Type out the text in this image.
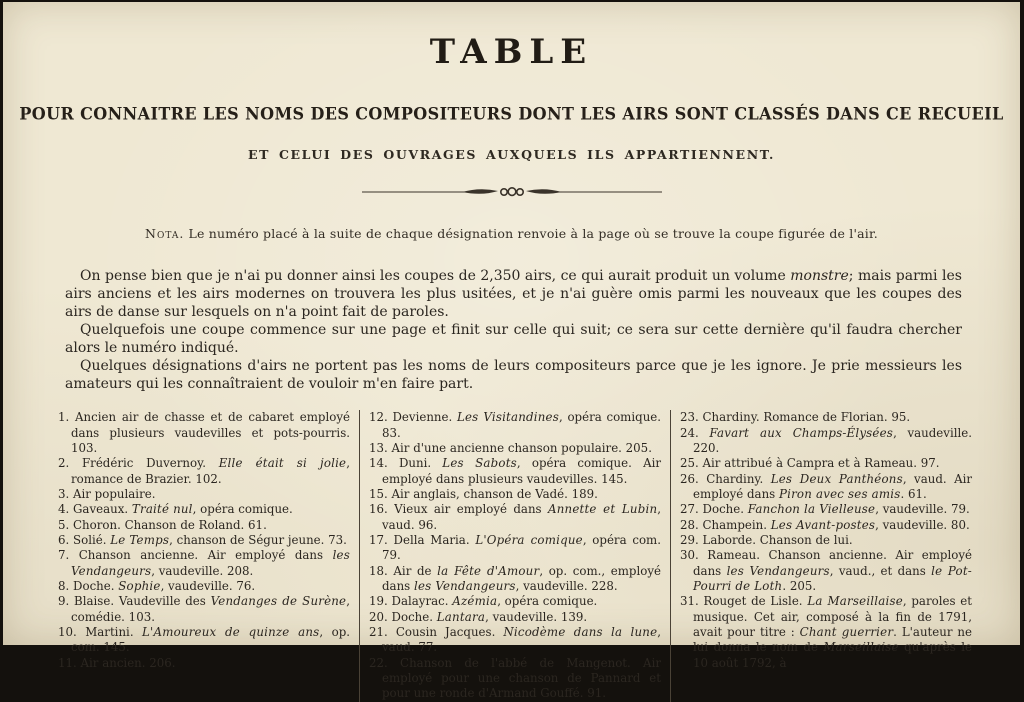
TABLE
POUR CONNAITRE LES NOMS DES COMPOSITEURS DONT LES AIRS SONT CLASSÉS DANS CE RECUEIL
ET CELUI DES OUVRAGES AUXQUELS ILS APPARTIENNENT.
Nota. Le numéro placé à la suite de chaque désignation renvoie à la page où se trouve la coupe figurée de l'air.

On pense bien que je n'ai pu donner ainsi les coupes de 2,350 airs, ce qui aurait produit un volume monstre; mais parmi les airs anciens et les airs modernes on trouvera les plus usitées, et je n'ai guère omis parmi les nouveaux que les coupes des airs de danse sur lesquels on n'a point fait de paroles.

Quelquefois une coupe commence sur une page et finit sur celle qui suit; ce sera sur cette dernière qu'il faudra chercher alors le numéro indiqué.

Quelques désignations d'airs ne portent pas les noms de leurs compositeurs parce que je les ignore. Je prie messieurs les amateurs qui les connaîtraient de vouloir m'en faire part.

1. Ancien air de chasse et de cabaret employé dans plusieurs vaudevilles et pots-pourris. 103.
2. Frédéric Duvernoy. Elle était si jolie, romance de Brazier. 102.
3. Air populaire.
4. Gaveaux. Traité nul, opéra comique.
5. Choron. Chanson de Roland. 61.
6. Solié. Le Temps, chanson de Ségur jeune. 73.
7. Chanson ancienne. Air employé dans les Vendangeurs, vaudeville. 208.
8. Doche. Sophie, vaudeville. 76.
9. Blaise. Vaudeville des Vendanges de Surène, comédie. 103.
10. Martini. L'Amoureux de quinze ans, op. com. 145.
11. Air ancien. 206.
12. Devienne. Les Visitandines, opéra comique. 83.
13. Air d'une ancienne chanson populaire. 205.
14. Duni. Les Sabots, opéra comique. Air employé dans plusieurs vaudevilles. 145.
15. Air anglais, chanson de Vadé. 189.
16. Vieux air employé dans Annette et Lubin, vaud. 96.
17. Della Maria. L'Opéra comique, opéra com. 79.
18. Air de la Fête d'Amour, op. com., employé dans les Vendangeurs, vaudeville. 228.
19. Dalayrac. Azémia, opéra comique.
20. Doche. Lantara, vaudeville. 139.
21. Cousin Jacques. Nicodème dans la lune, vaud. 77.
22. Chanson de l'abbé de Mangenot. Air employé pour une chanson de Pannard et pour une ronde d'Armand Gouffé. 91.
23. Chardiny. Romance de Florian. 95.
24. Favart aux Champs-Élysées, vaudeville. 220.
25. Air attribué à Campra et à Rameau. 97.
26. Chardiny. Les Deux Panthéons, vaud. Air employé dans Piron avec ses amis. 61.
27. Doche. Fanchon la Vielleuse, vaudeville. 79.
28. Champein. Les Avant-postes, vaudeville. 80.
29. Laborde. Chanson de lui.
30. Rameau. Chanson ancienne. Air employé dans les Vendangeurs, vaud., et dans le Pot-Pourri de Loth. 205.
31. Rouget de Lisle. La Marseillaise, paroles et musique. Cet air, composé à la fin de 1791, avait pour titre : Chant guerrier. L'auteur ne lui donna le nom de Marseillaise qu'après le 10 août 1792, à
